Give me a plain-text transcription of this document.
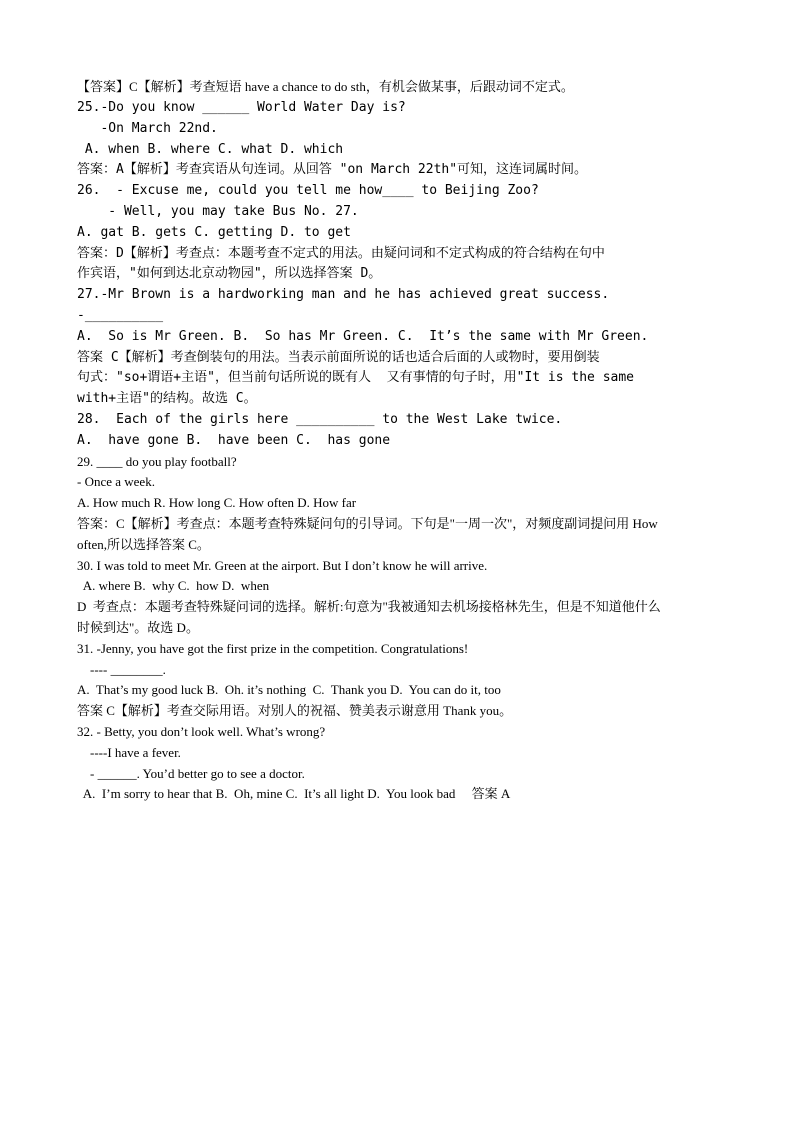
【答案】C【解析】考查短语 have a chance to do sth，有机会做某事，后跟动词不定式。
25.-Do you know ______ World Water Day is?
-On March 22nd.
A. when B. where C. what D. which
答案：A【解析】考查宾语从句连词。从回答 "on March 22th"可知，这连词属时间。
26.  - Excuse me, could you tell me how____ to Beijing Zoo?
- Well, you may take Bus No. 27.
A. gat B. gets C. getting D. to get
答案：D【解析】考查点：本题考查不定式的用法。由疑问词和不定式构成的符合结构在句中
作宾语，"如何到达北京动物园"，所以选择答案 D。
27.-Mr Brown is a hardworking man and he has achieved great success.
-__________
A.  So is Mr Green. B.  So has Mr Green. C.  It’s the same with Mr Green.
答案 C【解析】考查倒装句的用法。当表示前面所说的话也适合后面的人或物时，要用倒装
句式："so+谓语+主语"，但当前句话所说的既有人  又有事情的句子时，用"It is the same
with+主语"的结构。故选 C。
28.  Each of the girls here __________ to the West Lake twice.
A.  have gone B.  have been C.  has gone
29. ____ do you play football?
- Once a week.
A. How much R. How long C. How often D. How far
答案：C【解析】考查点：本题考查特殊疑问句的引导词。下句是"一周一次"，对频度副词提问用 How
often,所以选择答案 C。
30. I was told to meet Mr. Green at the airport. But I don’t know he will arrive.
A. where B.  why C.  how D.  when
D  考查点：本题考查特殊疑问词的选择。解析:句意为"我被通知去机场接格林先生，但是不知道他什么
时候到达"。故选 D。
31. -Jenny, you have got the first prize in the competition. Congratulations!
---- ________.
A.  That’s my good luck B.  Oh. it’s nothing  C.  Thank you D.  You can do it, too
答案 C【解析】考查交际用语。对别人的祝福、赞美表示谢意用 Thank you。
32. - Betty, you don’t look well. What’s wrong?
----I have a fever.
- ______. You’d better go to see a doctor.
A.  I’m sorry to hear that B.  Oh, mine C.  It’s all light D.  You look bad     答案 A
